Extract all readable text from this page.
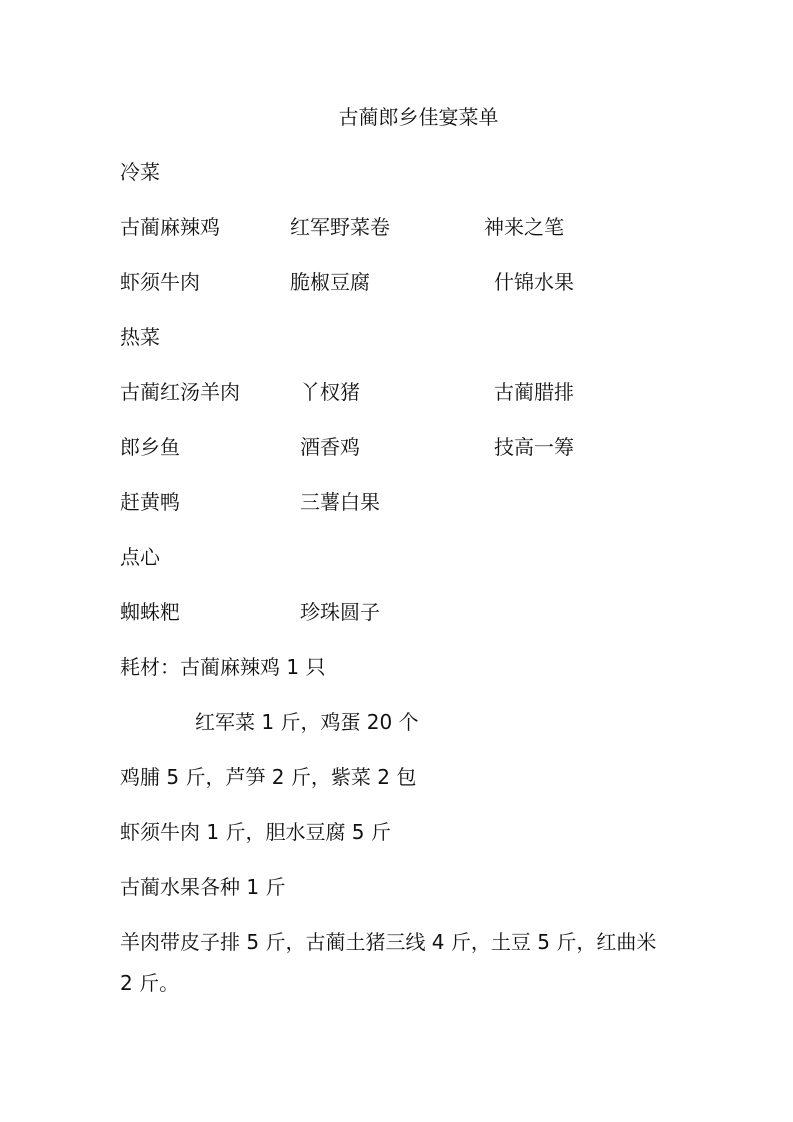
古蔺郎乡佳宴菜单
冷菜
古蔺麻辣鸡	红军野菜卷	神来之笔
虾须牛肉	脆椒豆腐	什锦水果
热菜
古蔺红汤羊肉	丫杈猪	古蔺腊排
郎乡鱼	酒香鸡	技高一筹
赶黄鸭	三薯白果
点心
蜘蛛粑	珍珠圆子
耗材：古蔺麻辣鸡 1 只
红军菜 1 斤，鸡蛋 20 个
鸡脯 5 斤，芦笋 2 斤，紫菜 2 包
虾须牛肉 1 斤，胆水豆腐 5 斤
古蔺水果各种 1 斤
羊肉带皮子排 5 斤，古蔺土猪三线 4 斤，土豆 5 斤，红曲米
2 斤。
